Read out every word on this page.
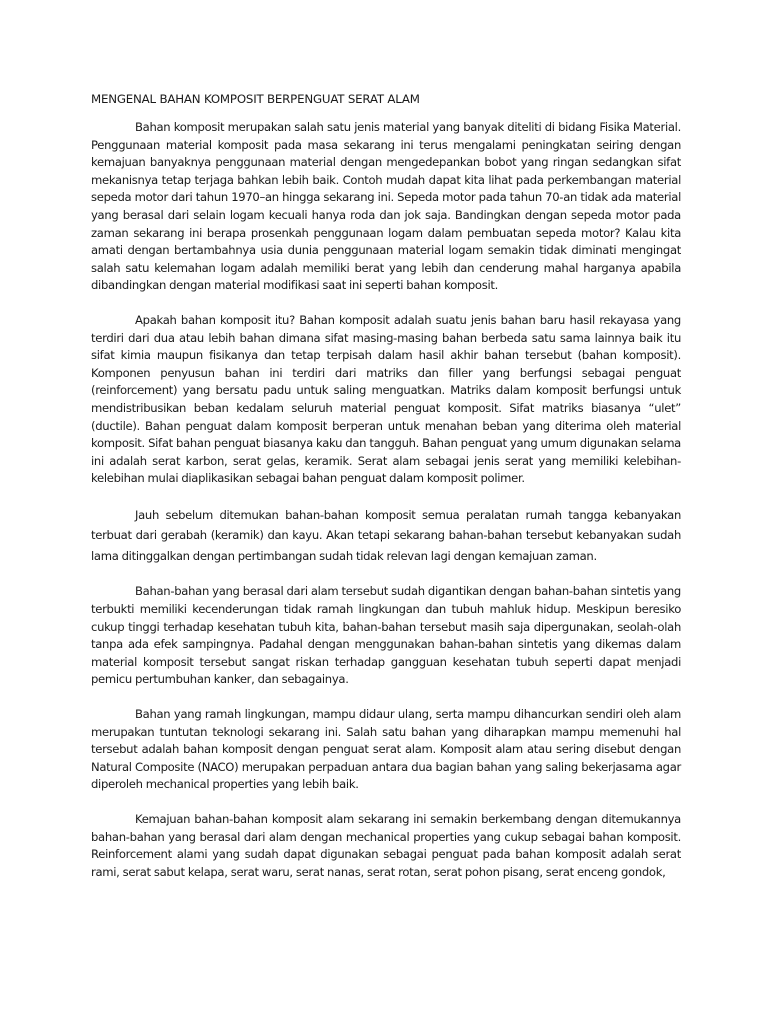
MENGENAL BAHAN KOMPOSIT BERPENGUAT SERAT ALAM

Bahan komposit merupakan salah satu jenis material yang banyak diteliti di bidang Fisika Material. Penggunaan material komposit pada masa sekarang ini terus mengalami peningkatan seiring dengan kemajuan banyaknya penggunaan material dengan mengedepankan bobot yang ringan sedangkan sifat mekanisnya tetap terjaga bahkan lebih baik. Contoh mudah dapat kita lihat pada perkembangan material sepeda motor dari tahun 1970–an hingga sekarang ini. Sepeda motor pada tahun 70-an tidak ada material yang berasal dari selain logam kecuali hanya roda dan jok saja. Bandingkan dengan sepeda motor pada zaman sekarang ini berapa prosenkah penggunaan logam dalam pembuatan sepeda motor? Kalau kita amati dengan bertambahnya usia dunia penggunaan material logam semakin tidak diminati mengingat salah satu kelemahan logam adalah memiliki berat yang lebih dan cenderung mahal harganya apabila dibandingkan dengan material modifikasi saat ini seperti bahan komposit.

Apakah bahan komposit itu? Bahan komposit adalah suatu jenis bahan baru hasil rekayasa yang terdiri dari dua atau lebih bahan dimana sifat masing-masing bahan berbeda satu sama lainnya baik itu sifat kimia maupun fisikanya dan tetap terpisah dalam hasil akhir bahan tersebut (bahan komposit). Komponen penyusun bahan ini terdiri dari matriks dan filler yang berfungsi sebagai penguat (reinforcement) yang bersatu padu untuk saling menguatkan. Matriks dalam komposit berfungsi untuk mendistribusikan beban kedalam seluruh material penguat komposit. Sifat matriks biasanya “ulet” (ductile). Bahan penguat dalam komposit berperan untuk menahan beban yang diterima oleh material komposit. Sifat bahan penguat biasanya kaku dan tangguh. Bahan penguat yang umum digunakan selama ini adalah serat karbon, serat gelas, keramik. Serat alam sebagai jenis serat yang memiliki kelebihan-kelebihan mulai diaplikasikan sebagai bahan penguat dalam komposit polimer.

Jauh sebelum ditemukan bahan-bahan komposit semua peralatan rumah tangga kebanyakan terbuat dari gerabah (keramik) dan kayu. Akan tetapi sekarang bahan-bahan tersebut kebanyakan sudah lama ditinggalkan dengan pertimbangan sudah tidak relevan lagi dengan kemajuan zaman.

Bahan-bahan yang berasal dari alam tersebut sudah digantikan dengan bahan-bahan sintetis yang terbukti memiliki kecenderungan tidak ramah lingkungan dan tubuh mahluk hidup. Meskipun beresiko cukup tinggi terhadap kesehatan tubuh kita, bahan-bahan tersebut masih saja dipergunakan, seolah-olah tanpa ada efek sampingnya. Padahal dengan menggunakan bahan-bahan sintetis yang dikemas dalam material komposit tersebut sangat riskan terhadap gangguan kesehatan tubuh seperti dapat menjadi pemicu pertumbuhan kanker, dan sebagainya.

Bahan yang ramah lingkungan, mampu didaur ulang, serta mampu dihancurkan sendiri oleh alam merupakan tuntutan teknologi sekarang ini. Salah satu bahan yang diharapkan mampu memenuhi hal tersebut adalah bahan komposit dengan penguat serat alam. Komposit alam atau sering disebut dengan Natural Composite (NACO) merupakan perpaduan antara dua bagian bahan yang saling bekerjasama agar diperoleh mechanical properties yang lebih baik.

Kemajuan bahan-bahan komposit alam sekarang ini semakin berkembang dengan ditemukannya bahan-bahan yang berasal dari alam dengan mechanical properties yang cukup sebagai bahan komposit. Reinforcement alami yang sudah dapat digunakan sebagai penguat pada bahan komposit adalah serat rami, serat sabut kelapa, serat waru, serat nanas, serat rotan, serat pohon pisang, serat enceng gondok,
